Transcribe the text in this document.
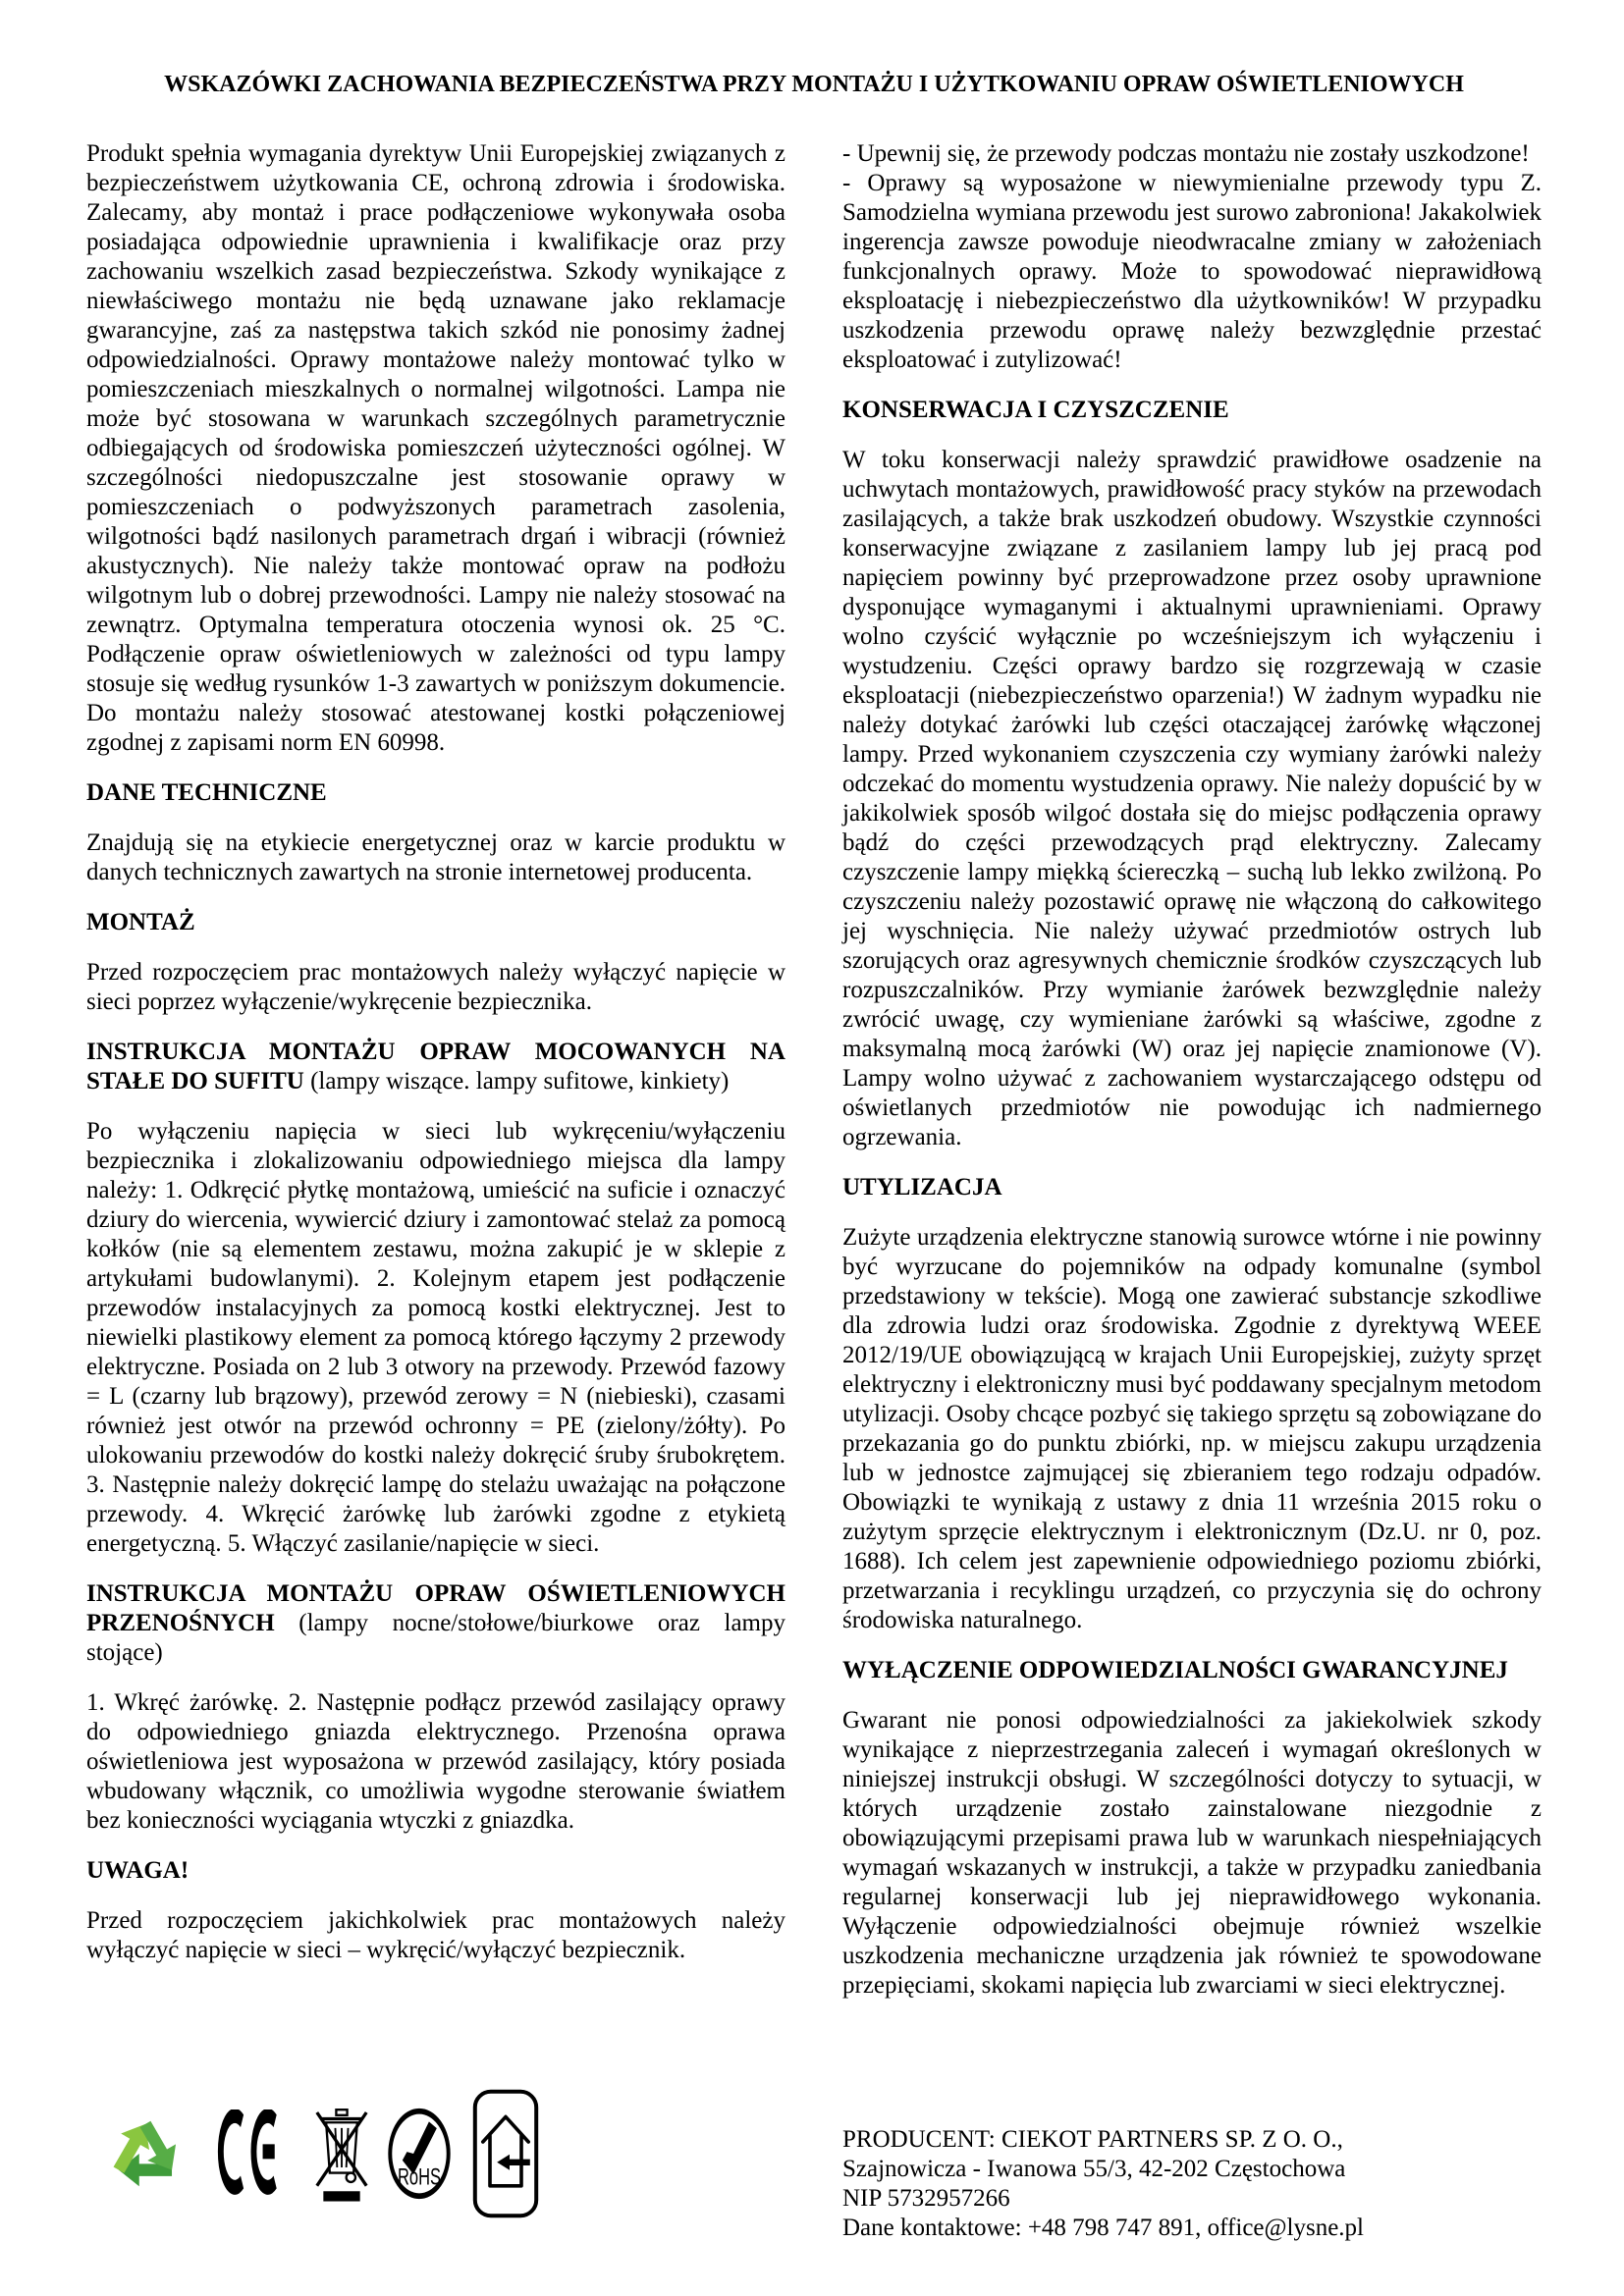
WSKAZÓWKI ZACHOWANIA BEZPIECZEŃSTWA PRZY MONTAŻU I UŻYTKOWANIU OPRAW OŚWIETLENIOWYCH

Produkt spełnia wymagania dyrektyw Unii Europejskiej związanych z bezpieczeństwem użytkowania CE, ochroną zdrowia i środowiska. Zalecamy, aby montaż i prace podłączeniowe wykonywała osoba posiadająca odpowiednie uprawnienia i kwalifikacje oraz przy zachowaniu wszelkich zasad bezpieczeństwa. Szkody wynikające z niewłaściwego montażu nie będą uznawane jako reklamacje gwarancyjne, zaś za następstwa takich szkód nie ponosimy żadnej odpowiedzialności. Oprawy montażowe należy montować tylko w pomieszczeniach mieszkalnych o normalnej wilgotności. Lampa nie może być stosowana w warunkach szczególnych parametrycznie odbiegających od środowiska pomieszczeń użyteczności ogólnej. W szczególności niedopuszczalne jest stosowanie oprawy w pomieszczeniach o podwyższonych parametrach zasolenia, wilgotności bądź nasilonych parametrach drgań i wibracji (również akustycznych). Nie należy także montować opraw na podłożu wilgotnym lub o dobrej przewodności. Lampy nie należy stosować na zewnątrz. Optymalna temperatura otoczenia wynosi ok. 25 °C. Podłączenie opraw oświetleniowych w zależności od typu lampy stosuje się według rysunków 1-3 zawartych w poniższym dokumencie. Do montażu należy stosować atestowanej kostki połączeniowej zgodnej z zapisami norm EN 60998.

DANE TECHNICZNE

Znajdują się na etykiecie energetycznej oraz w karcie produktu w danych technicznych zawartych na stronie internetowej producenta.

MONTAŻ

Przed rozpoczęciem prac montażowych należy wyłączyć napięcie w sieci poprzez wyłączenie/wykręcenie bezpiecznika.

INSTRUKCJA MONTAŻU OPRAW MOCOWANYCH NA STAŁE DO SUFITU (lampy wiszące. lampy sufitowe, kinkiety)

Po wyłączeniu napięcia w sieci lub wykręceniu/wyłączeniu bezpiecznika i zlokalizowaniu odpowiedniego miejsca dla lampy należy: 1. Odkręcić płytkę montażową, umieścić na suficie i oznaczyć dziury do wiercenia, wywiercić dziury i zamontować stelaż za pomocą kołków (nie są elementem zestawu, można zakupić je w sklepie z artykułami budowlanymi). 2. Kolejnym etapem jest podłączenie przewodów instalacyjnych za pomocą kostki elektrycznej. Jest to niewielki plastikowy element za pomocą którego łączymy 2 przewody elektryczne. Posiada on 2 lub 3 otwory na przewody. Przewód fazowy = L (czarny lub brązowy), przewód zerowy = N (niebieski), czasami również jest otwór na przewód ochronny = PE (zielony/żółty). Po ulokowaniu przewodów do kostki należy dokręcić śruby śrubokrętem. 3. Następnie należy dokręcić lampę do stelażu uważając na połączone przewody. 4. Wkręcić żarówkę lub żarówki zgodne z etykietą energetyczną. 5. Włączyć zasilanie/napięcie w sieci.

INSTRUKCJA MONTAŻU OPRAW OŚWIETLENIOWYCH PRZENOŚNYCH (lampy nocne/stołowe/biurkowe oraz lampy stojące)

1. Wkręć żarówkę. 2. Następnie podłącz przewód zasilający oprawy do odpowiedniego gniazda elektrycznego. Przenośna oprawa oświetleniowa jest wyposażona w przewód zasilający, który posiada wbudowany włącznik, co umożliwia wygodne sterowanie światłem bez konieczności wyciągania wtyczki z gniazdka.

UWAGA!

Przed rozpoczęciem jakichkolwiek prac montażowych należy wyłączyć napięcie w sieci – wykręcić/wyłączyć bezpiecznik.

- Upewnij się, że przewody podczas montażu nie zostały uszkodzone!

- Oprawy są wyposażone w niewymienialne przewody typu Z. Samodzielna wymiana przewodu jest surowo zabroniona! Jakakolwiek ingerencja zawsze powoduje nieodwracalne zmiany w założeniach funkcjonalnych oprawy. Może to spowodować nieprawidłową eksploatację i niebezpieczeństwo dla użytkowników! W przypadku uszkodzenia przewodu oprawę należy bezwzględnie przestać eksploatować i zutylizować!

KONSERWACJA I CZYSZCZENIE

W toku konserwacji należy sprawdzić prawidłowe osadzenie na uchwytach montażowych, prawidłowość pracy styków na przewodach zasilających, a także brak uszkodzeń obudowy. Wszystkie czynności konserwacyjne związane z zasilaniem lampy lub jej pracą pod napięciem powinny być przeprowadzone przez osoby uprawnione dysponujące wymaganymi i aktualnymi uprawnieniami. Oprawy wolno czyścić wyłącznie po wcześniejszym ich wyłączeniu i wystudzeniu. Części oprawy bardzo się rozgrzewają w czasie eksploatacji (niebezpieczeństwo oparzenia!) W żadnym wypadku nie należy dotykać żarówki lub części otaczającej żarówkę włączonej lampy. Przed wykonaniem czyszczenia czy wymiany żarówki należy odczekać do momentu wystudzenia oprawy. Nie należy dopuścić by w jakikolwiek sposób wilgoć dostała się do miejsc podłączenia oprawy bądź do części przewodzących prąd elektryczny. Zalecamy czyszczenie lampy miękką ściereczką – suchą lub lekko zwilżoną. Po czyszczeniu należy pozostawić oprawę nie włączoną do całkowitego jej wyschnięcia. Nie należy używać przedmiotów ostrych lub szorujących oraz agresywnych chemicznie środków czyszczących lub rozpuszczalników. Przy wymianie żarówek bezwzględnie należy zwrócić uwagę, czy wymieniane żarówki są właściwe, zgodne z maksymalną mocą żarówki (W) oraz jej napięcie znamionowe (V). Lampy wolno używać z zachowaniem wystarczającego odstępu od oświetlanych przedmiotów nie powodując ich nadmiernego ogrzewania.

UTYLIZACJA

Zużyte urządzenia elektryczne stanowią surowce wtórne i nie powinny być wyrzucane do pojemników na odpady komunalne (symbol przedstawiony w tekście). Mogą one zawierać substancje szkodliwe dla zdrowia ludzi oraz środowiska. Zgodnie z dyrektywą WEEE 2012/19/UE obowiązującą w krajach Unii Europejskiej, zużyty sprzęt elektryczny i elektroniczny musi być poddawany specjalnym metodom utylizacji. Osoby chcące pozbyć się takiego sprzętu są zobowiązane do przekazania go do punktu zbiórki, np. w miejscu zakupu urządzenia lub w jednostce zajmującej się zbieraniem tego rodzaju odpadów. Obowiązki te wynikają z ustawy z dnia 11 września 2015 roku o zużytym sprzęcie elektrycznym i elektronicznym (Dz.U. nr 0, poz. 1688). Ich celem jest zapewnienie odpowiedniego poziomu zbiórki, przetwarzania i recyklingu urządzeń, co przyczynia się do ochrony środowiska naturalnego.

WYŁĄCZENIE ODPOWIEDZIALNOŚCI GWARANCYJNEJ

Gwarant nie ponosi odpowiedzialności za jakiekolwiek szkody wynikające z nieprzestrzegania zaleceń i wymagań określonych w niniejszej instrukcji obsługi. W szczególności dotyczy to sytuacji, w których urządzenie zostało zainstalowane niezgodnie z obowiązującymi przepisami prawa lub w warunkach niespełniających wymagań wskazanych w instrukcji, a także w przypadku zaniedbania regularnej konserwacji lub jej nieprawidłowego wykonania. Wyłączenie odpowiedzialności obejmuje również wszelkie uszkodzenia mechaniczne urządzenia jak również te spowodowane przepięciami, skokami napięcia lub zwarciami w sieci elektrycznej.

RoHS
PRODUCENT: CIEKOT PARTNERS SP. Z O. O.,
Szajnowicza - Iwanowa 55/3, 42-202 Częstochowa
NIP 5732957266
Dane kontaktowe: +48 798 747 891, office@lysne.pl
